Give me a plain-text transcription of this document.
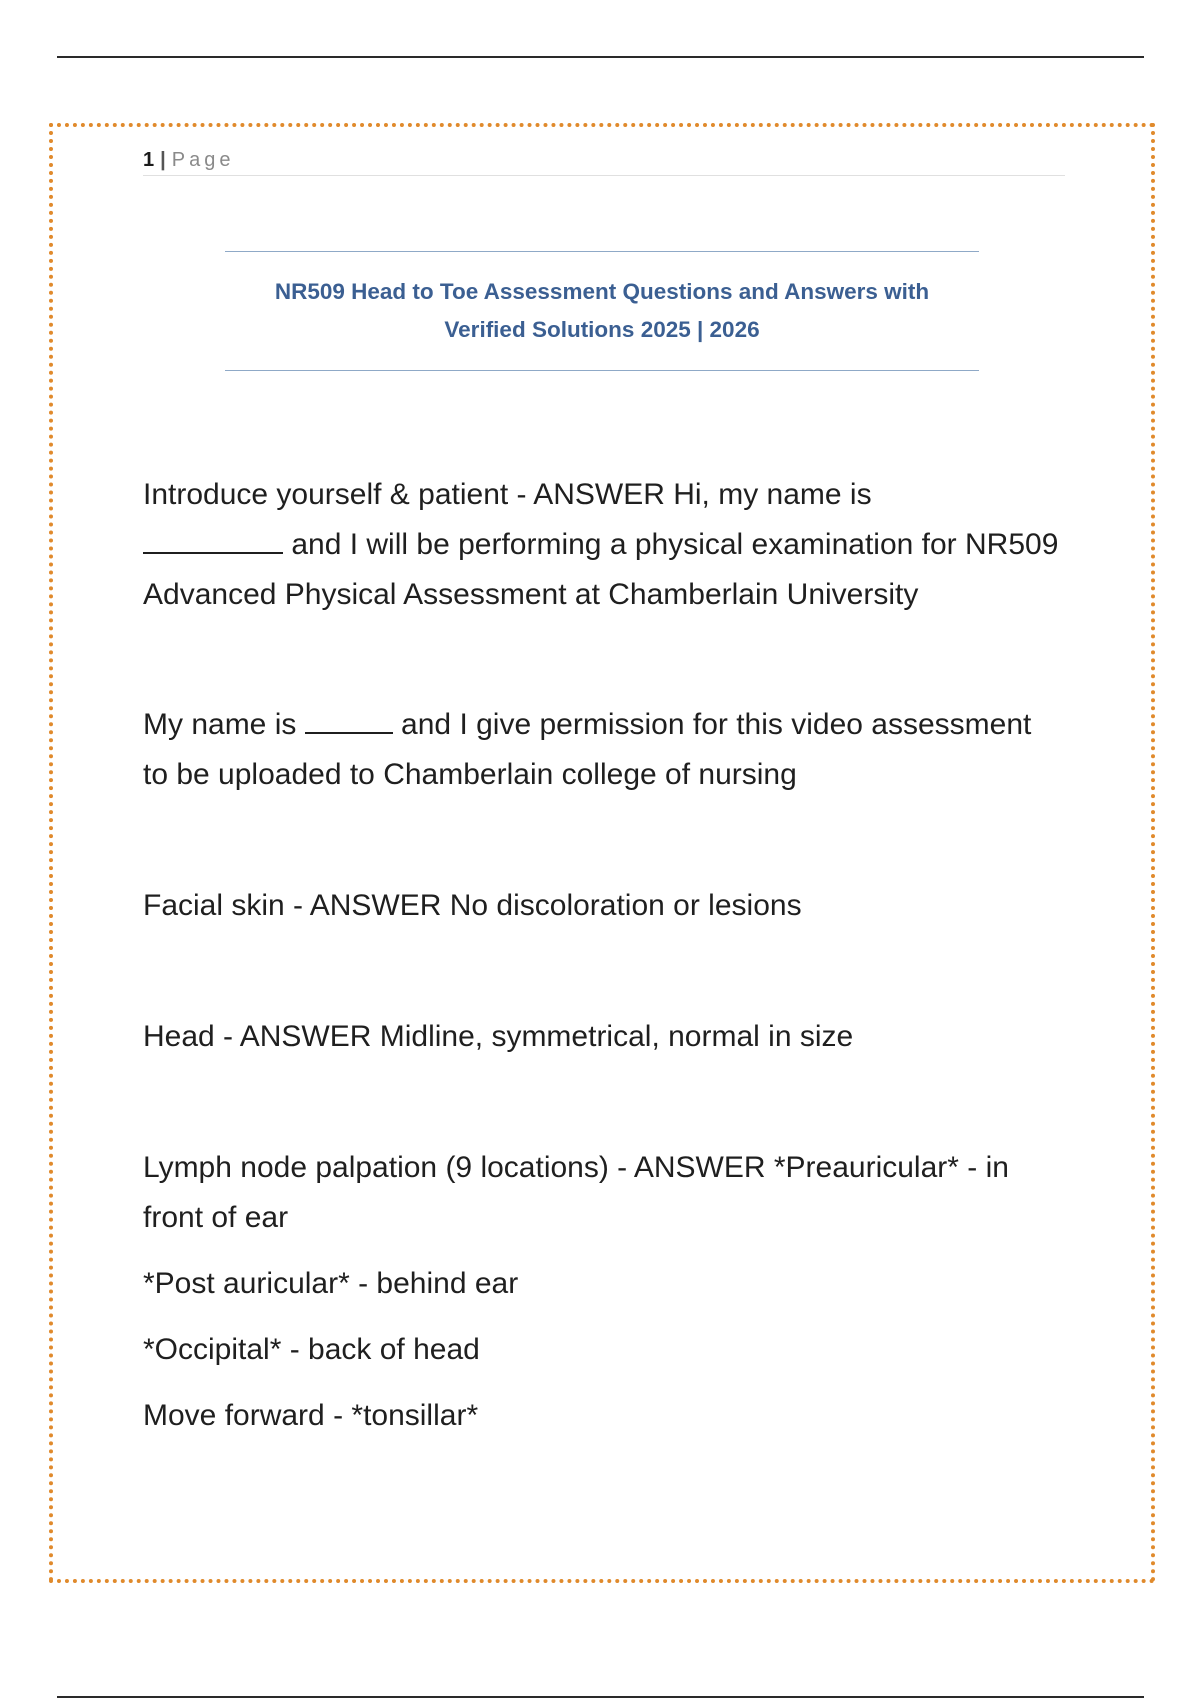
1 | Page
NR509 Head to Toe Assessment Questions and Answers with
Verified Solutions 2025 | 2026

Introduce yourself & patient - ANSWER Hi, my name is
and I will be performing a physical examination for NR509 Advanced Physical Assessment at Chamberlain University

My name is	and I give permission for this video assessment to be uploaded to Chamberlain college of nursing

Facial skin - ANSWER No discoloration or lesions

Head - ANSWER Midline, symmetrical, normal in size

Lymph node palpation (9 locations) - ANSWER *Preauricular* - in front of ear

*Post auricular* - behind ear

*Occipital* - back of head

Move forward - *tonsillar*
